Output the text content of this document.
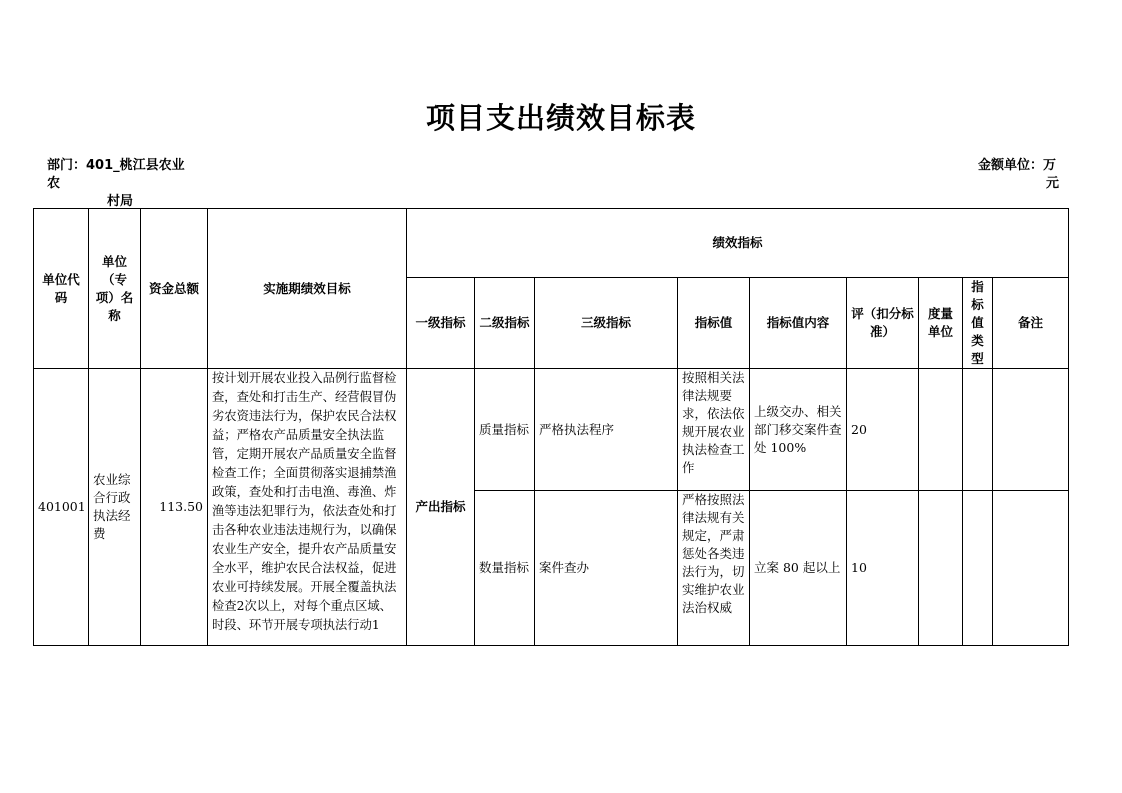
项目支出绩效目标表
部门：401_桃江县农业农
村局
金额单位：万
元
单位代码	单位（专项）名称	资金总额	实施期绩效目标	绩效指标								
				一级指标	二级指标	三级指标	指标值	指标值内容	评（扣分标准）	度量单位	指标值类型	备注
401001	农业综合行政执法经费	113.50	按计划开展农业投入品例行监督检查，查处和打击生产、经营假冒伪劣农资违法行为，保护农民合法权益；严格农产品质量安全执法监管，定期开展农产品质量安全监督检查工作；全面贯彻落实退捕禁渔政策，查处和打击电渔、毒渔、炸渔等违法犯罪行为，依法查处和打击各种农业违法违规行为，以确保农业生产安全，提升农产品质量安全水平，维护农民合法权益，促进农业可持续发展。开展全覆盖执法检查2次以上，对每个重点区域、时段、环节开展专项执法行动1	产出指标	质量指标	严格执法程序	按照相关法律法规要求，依法依规开展农业执法检查工作	上级交办、相关部门移交案件查处 100%	20			
					数量指标	案件查办	严格按照法律法规有关规定，严肃惩处各类违法行为，切实维护农业法治权威	立案 80 起以上	10			
